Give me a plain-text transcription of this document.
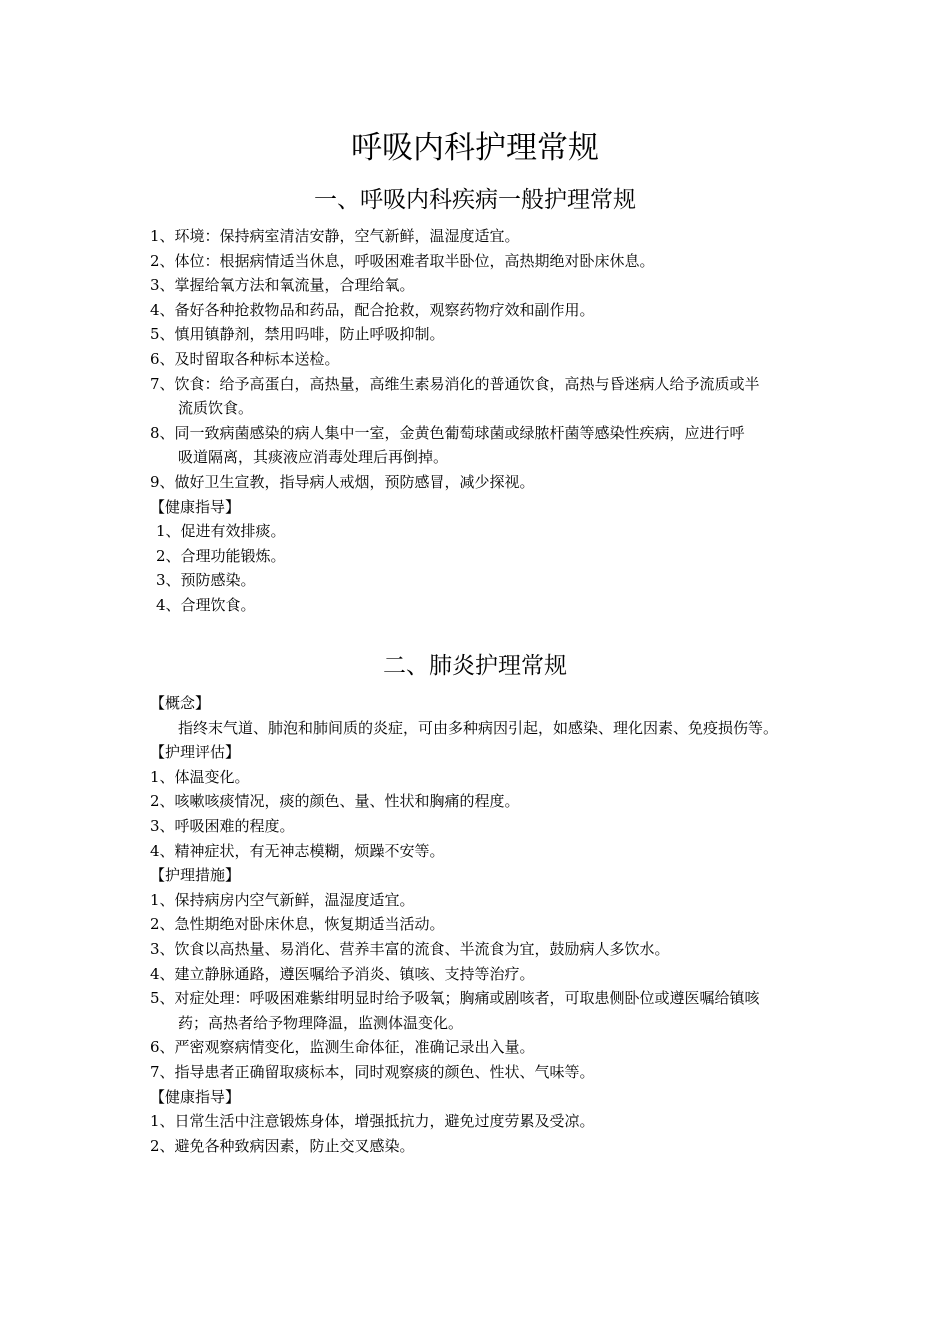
呼吸内科护理常规
一、呼吸内科疾病一般护理常规
1、环境：保持病室清洁安静，空气新鲜，温湿度适宜。
2、体位：根据病情适当休息，呼吸困难者取半卧位，高热期绝对卧床休息。
3、掌握给氧方法和氧流量，合理给氧。
4、备好各种抢救物品和药品，配合抢救，观察药物疗效和副作用。
5、慎用镇静剂，禁用吗啡，防止呼吸抑制。
6、及时留取各种标本送检。
7、饮食：给予高蛋白，高热量，高维生素易消化的普通饮食，高热与昏迷病人给予流质或半
流质饮食。
8、同一致病菌感染的病人集中一室，金黄色葡萄球菌或绿脓杆菌等感染性疾病，应进行呼
吸道隔离，其痰液应消毒处理后再倒掉。
9、做好卫生宣教，指导病人戒烟，预防感冒，减少探视。
【健康指导】
1、促进有效排痰。
2、合理功能锻炼。
3、预防感染。
4、合理饮食。
二、肺炎护理常规
【概念】
指终末气道、肺泡和肺间质的炎症，可由多种病因引起，如感染、理化因素、免疫损伤等。
【护理评估】
1、体温变化。
2、咳嗽咳痰情况，痰的颜色、量、性状和胸痛的程度。
3、呼吸困难的程度。
4、精神症状，有无神志模糊，烦躁不安等。
【护理措施】
1、保持病房内空气新鲜，温湿度适宜。
2、急性期绝对卧床休息，恢复期适当活动。
3、饮食以高热量、易消化、营养丰富的流食、半流食为宜，鼓励病人多饮水。
4、建立静脉通路，遵医嘱给予消炎、镇咳、支持等治疗。
5、对症处理：呼吸困难紫绀明显时给予吸氧；胸痛或剧咳者，可取患侧卧位或遵医嘱给镇咳
药；高热者给予物理降温，监测体温变化。
6、严密观察病情变化，监测生命体征，准确记录出入量。
7、指导患者正确留取痰标本，同时观察痰的颜色、性状、气味等。
【健康指导】
1、日常生活中注意锻炼身体，增强抵抗力，避免过度劳累及受凉。
2、避免各种致病因素，防止交叉感染。
